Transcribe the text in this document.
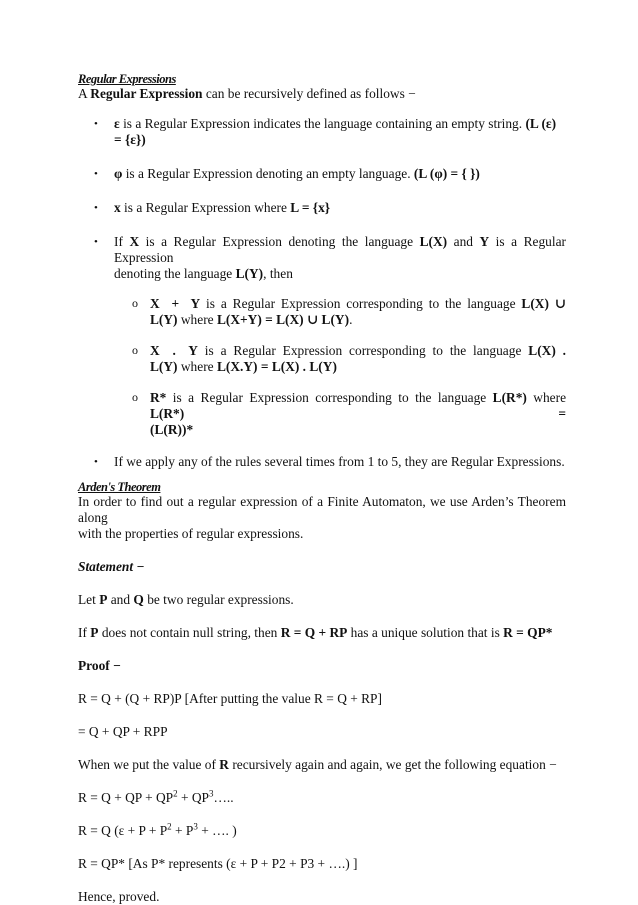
Regular Expressions

A Regular Expression can be recursively defined as follows −

• ε is a Regular Expression indicates the language containing an empty string. (L (ε) = {ε})
• φ is a Regular Expression denoting an empty language. (L (φ) = { })
• x is a Regular Expression where L = {x}
• If X is a Regular Expression denoting the language L(X) and Y is a Regular Expression
denoting the language L(Y), then
o X + Y is a Regular Expression corresponding to the language L(X) ∪
L(Y) where L(X+Y) = L(X) ∪ L(Y).
o X . Y is a Regular Expression corresponding to the language L(X) .
L(Y) where L(X.Y) = L(X) . L(Y)
o R* is a Regular Expression corresponding to the language L(R*) where L(R*) =
(L(R))*
• If we apply any of the rules several times from 1 to 5, they are Regular Expressions.
Arden's Theorem

In order to find out a regular expression of a Finite Automaton, we use Arden’s Theorem along

with the properties of regular expressions.

Statement −

Let P and Q be two regular expressions.

If P does not contain null string, then R = Q + RP has a unique solution that is R = QP*

Proof −

R = Q + (Q + RP)P [After putting the value R = Q + RP]

= Q + QP + RPP

When we put the value of R recursively again and again, we get the following equation −

R = Q + QP + $QP^2$ + $QP^3\dots$..

R = Q ($\varepsilon + P + P^2 + P^3$ + …. )

R = QP* [As P* represents (ε + P + P2 + P3 + ….) ]

Hence, proved.
